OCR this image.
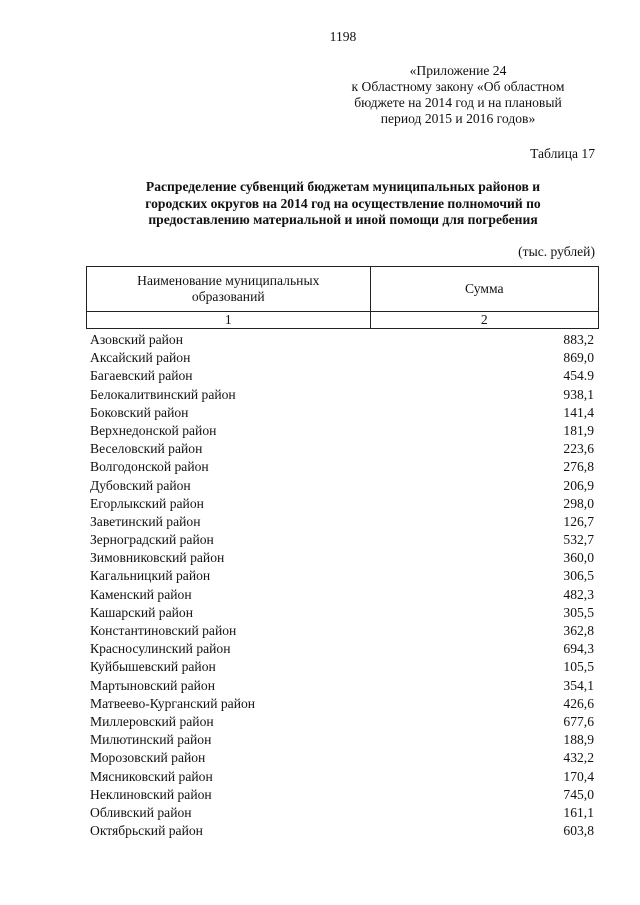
1198
«Приложение 24
к Областному закону «Об областном
бюджете на 2014 год и на плановый
период 2015 и 2016 годов»
Таблица 17
Распределение субвенций бюджетам муниципальных районов и
городских округов на 2014 год на осуществление полномочий по
предоставлению материальной и иной помощи для погребения
(тыс. рублей)
Наименование муниципальных
образований	Сумма
1	2
Азовский район	883,2
Аксайский район	869,0
Багаевский район	454.9
Белокалитвинский район	938,1
Боковский район	141,4
Верхнедонской район	181,9
Веселовский район	223,6
Волгодонской район	276,8
Дубовский район	206,9
Егорлыкский район	298,0
Заветинский район	126,7
Зерноградский район	532,7
Зимовниковский район	360,0
Кагальницкий район	306,5
Каменский район	482,3
Кашарский район	305,5
Константиновский район	362,8
Красносулинский район	694,3
Куйбышевский район	105,5
Мартыновский район	354,1
Матвеево-Курганский район	426,6
Миллеровский район	677,6
Милютинский район	188,9
Морозовский район	432,2
Мясниковский район	170,4
Неклиновский район	745,0
Обливский район	161,1
Октябрьский район	603,8
